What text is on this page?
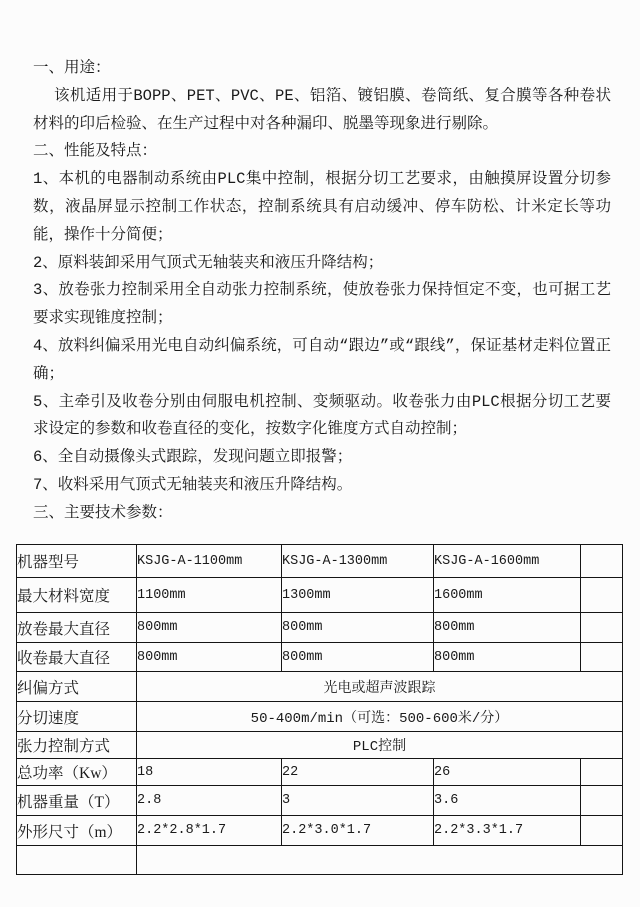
一、用途：

该机适用于BOPP、PET、PVC、PE、铝箔、镀铝膜、卷筒纸、复合膜等各种卷状材料的印后检验、在生产过程中对各种漏印、脱墨等现象进行剔除。

二、性能及特点：

1、本机的电器制动系统由PLC集中控制，根据分切工艺要求，由触摸屏设置分切参数，液晶屏显示控制工作状态，控制系统具有启动缓冲、停车防松、计米定长等功能，操作十分简便；

2、原料装卸采用气顶式无轴装夹和液压升降结构；

3、放卷张力控制采用全自动张力控制系统，使放卷张力保持恒定不变，也可据工艺要求实现锥度控制；

4、放料纠偏采用光电自动纠偏系统，可自动“跟边”或“跟线”，保证基材走料位置正确；

5、主牵引及收卷分别由伺服电机控制、变频驱动。收卷张力由PLC根据分切工艺要求设定的参数和收卷直径的变化，按数字化锥度方式自动控制；

6、全自动摄像头式跟踪，发现问题立即报警；

7、收料采用气顶式无轴装夹和液压升降结构。

三、主要技术参数：

机器型号	KSJG-A-1100mm	KSJG-A-1300mm	KSJG-A-1600mm	
最大材料宽度	1100mm	1300mm	1600mm	
放卷最大直径	800mm	800mm	800mm	
收卷最大直径	800mm	800mm	800mm	
纠偏方式	光电或超声波跟踪			
分切速度	50-400m/min（可选：500-600米/分）			
张力控制方式	PLC控制			
总功率（Kw）	18	22	26	
机器重量（T）	2.8	3	3.6	
外形尺寸（m）	2.2*2.8*1.7	2.2*3.0*1.7	2.2*3.3*1.7	
